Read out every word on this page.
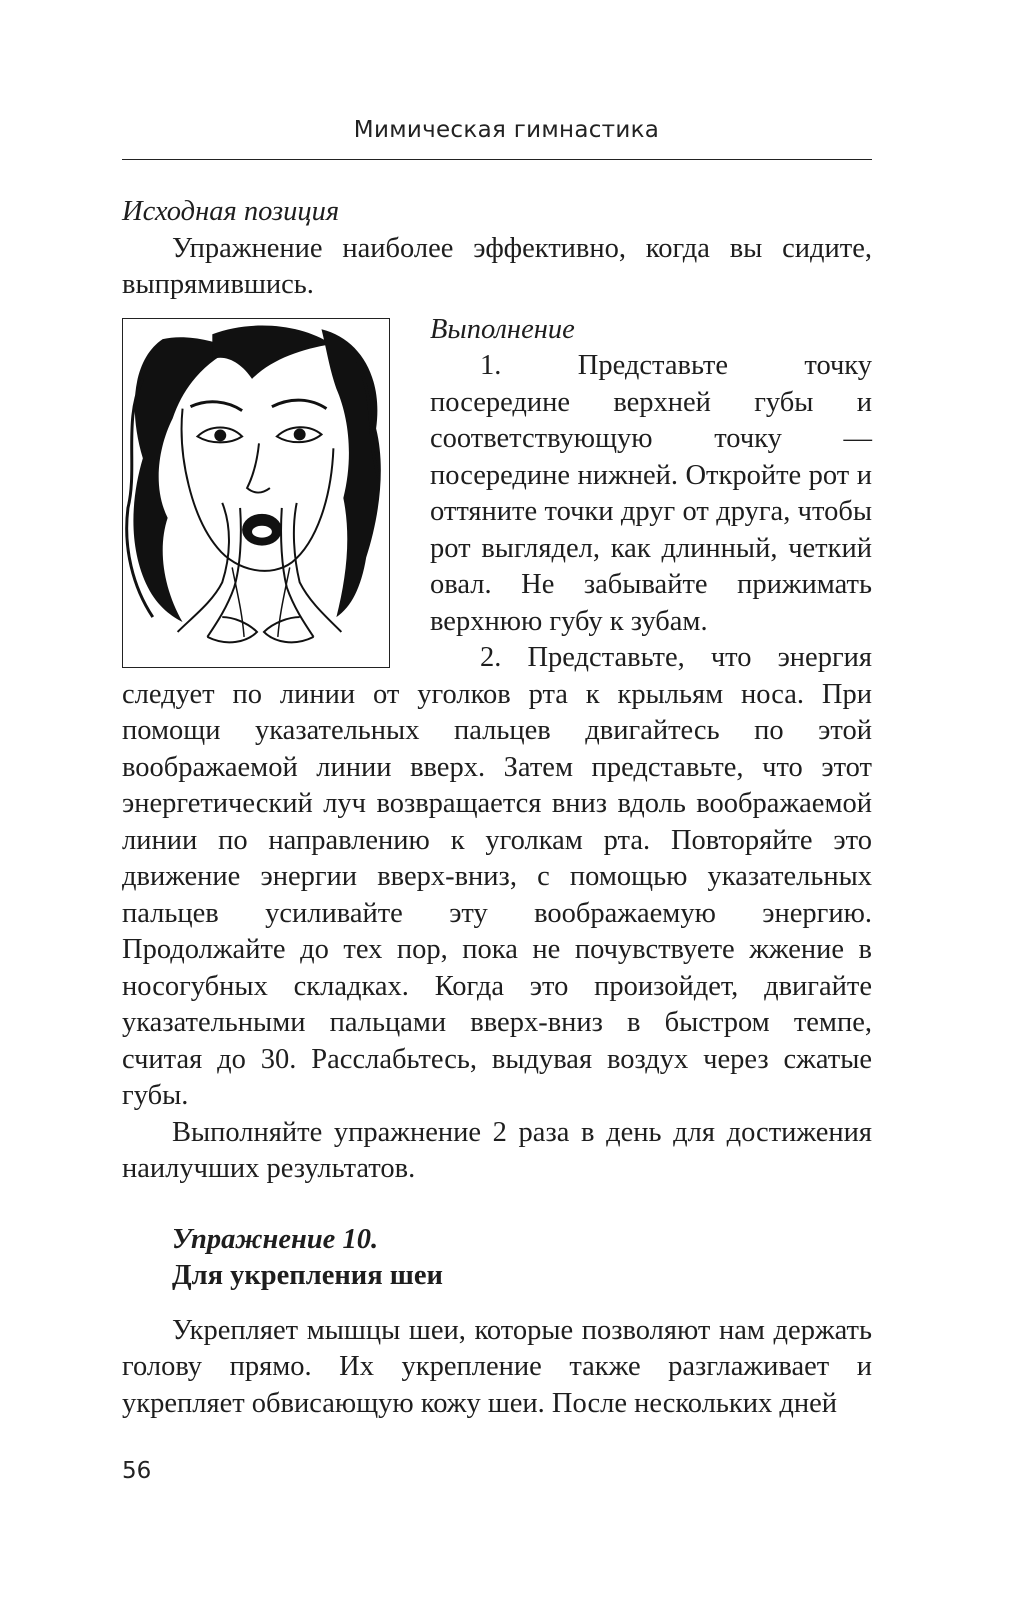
Мимическая гимнастика

Исходная позиция

Упражнение наиболее эффективно, когда вы сидите, выпрямившись.

Выполнение

1. Представьте точку посередине верхней губы и соответствующую точку — посередине нижней. Откройте рот и оттяните точки друг от друга, чтобы рот выглядел, как длинный, четкий овал. Не забывайте прижимать верхнюю губу к зубам.

2. Представьте, что энергия следует по линии от уголков рта к крыльям носа. При помощи указательных пальцев двигайтесь по этой воображаемой линии вверх. Затем представьте, что этот энергетический луч возвращается вниз вдоль воображаемой линии по направлению к уголкам рта. Повторяйте это движение энергии вверх-вниз, с помощью указательных пальцев усиливайте эту воображаемую энергию. Продолжайте до тех пор, пока не почувствуете жжение в носогубных складках. Когда это произойдет, двигайте указательными пальцами вверх-вниз в быстром темпе, считая до 30. Расслабьтесь, выдувая воздух через сжатые губы.

Выполняйте упражнение 2 раза в день для достижения наилучших результатов.

Упражнение 10.

Для укрепления шеи

Укрепляет мышцы шеи, которые позволяют нам держать голову прямо. Их укрепление также разглаживает и укрепляет обвисающую кожу шеи. После нескольких дней

56
